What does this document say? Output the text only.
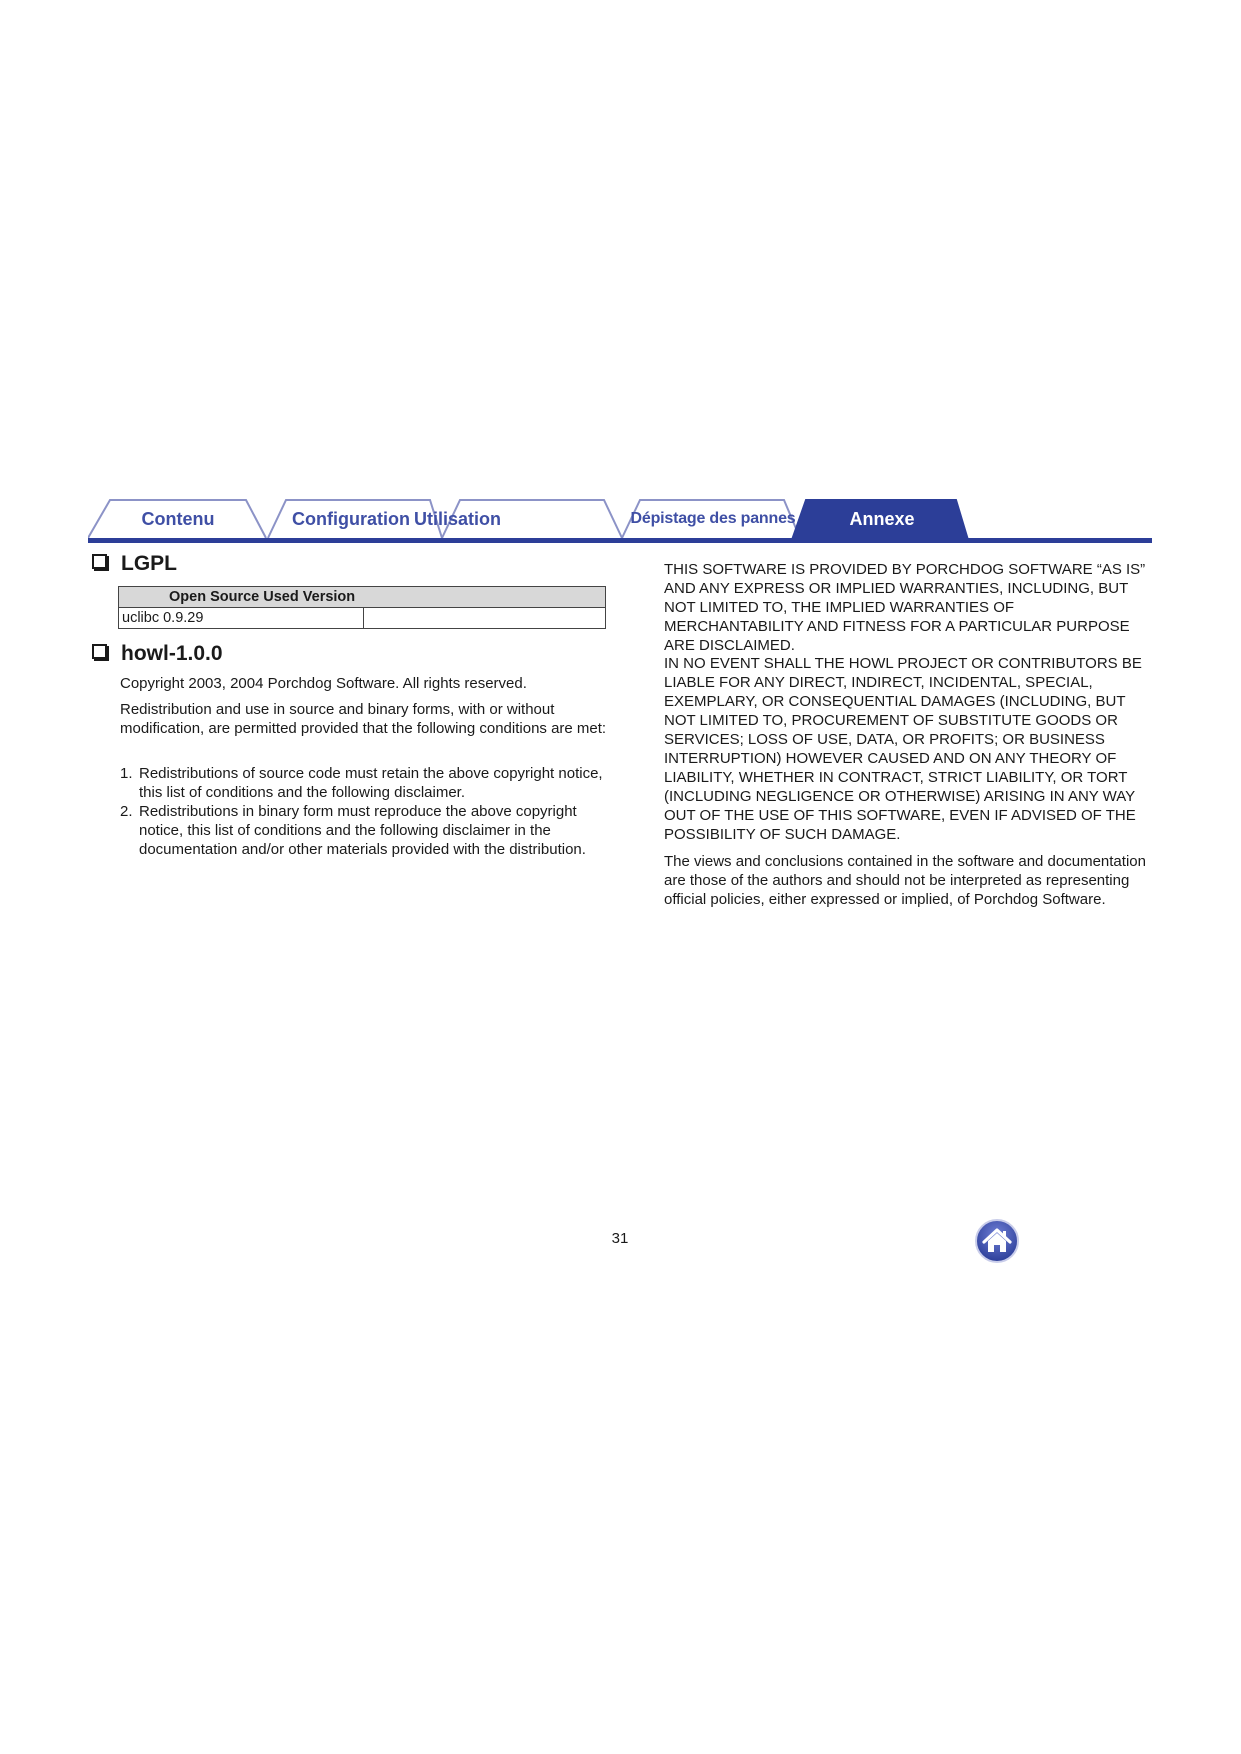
Contenu	Configuration Utilisation	Dépistage des pannes	Annexe
LGPL
Open Source Used Version
uclibc 0.9.29	
howl-1.0.0
Copyright 2003, 2004 Porchdog Software. All rights reserved.
Redistribution and use in source and binary forms, with or without modification, are permitted provided that the following conditions are met:
1. Redistributions of source code must retain the above copyright notice, this list of conditions and the following disclaimer.
2. Redistributions in binary form must reproduce the above copyright notice, this list of conditions and the following disclaimer in the documentation and/or other materials provided with the distribution.
THIS SOFTWARE IS PROVIDED BY PORCHDOG SOFTWARE “AS IS” AND ANY EXPRESS OR IMPLIED WARRANTIES, INCLUDING, BUT NOT LIMITED TO, THE IMPLIED WARRANTIES OF MERCHANTABILITY AND FITNESS FOR A PARTICULAR PURPOSE ARE DISCLAIMED.
IN NO EVENT SHALL THE HOWL PROJECT OR CONTRIBUTORS BE LIABLE FOR ANY DIRECT, INDIRECT, INCIDENTAL, SPECIAL, EXEMPLARY, OR CONSEQUENTIAL DAMAGES (INCLUDING, BUT NOT LIMITED TO, PROCUREMENT OF SUBSTITUTE GOODS OR SERVICES; LOSS OF USE, DATA, OR PROFITS; OR BUSINESS INTERRUPTION) HOWEVER CAUSED AND ON ANY THEORY OF LIABILITY, WHETHER IN CONTRACT, STRICT LIABILITY, OR TORT (INCLUDING NEGLIGENCE OR OTHERWISE) ARISING IN ANY WAY OUT OF THE USE OF THIS SOFTWARE, EVEN IF ADVISED OF THE POSSIBILITY OF SUCH DAMAGE.
The views and conclusions contained in the software and documentation are those of the authors and should not be interpreted as representing official policies, either expressed or implied, of Porchdog Software.
31
